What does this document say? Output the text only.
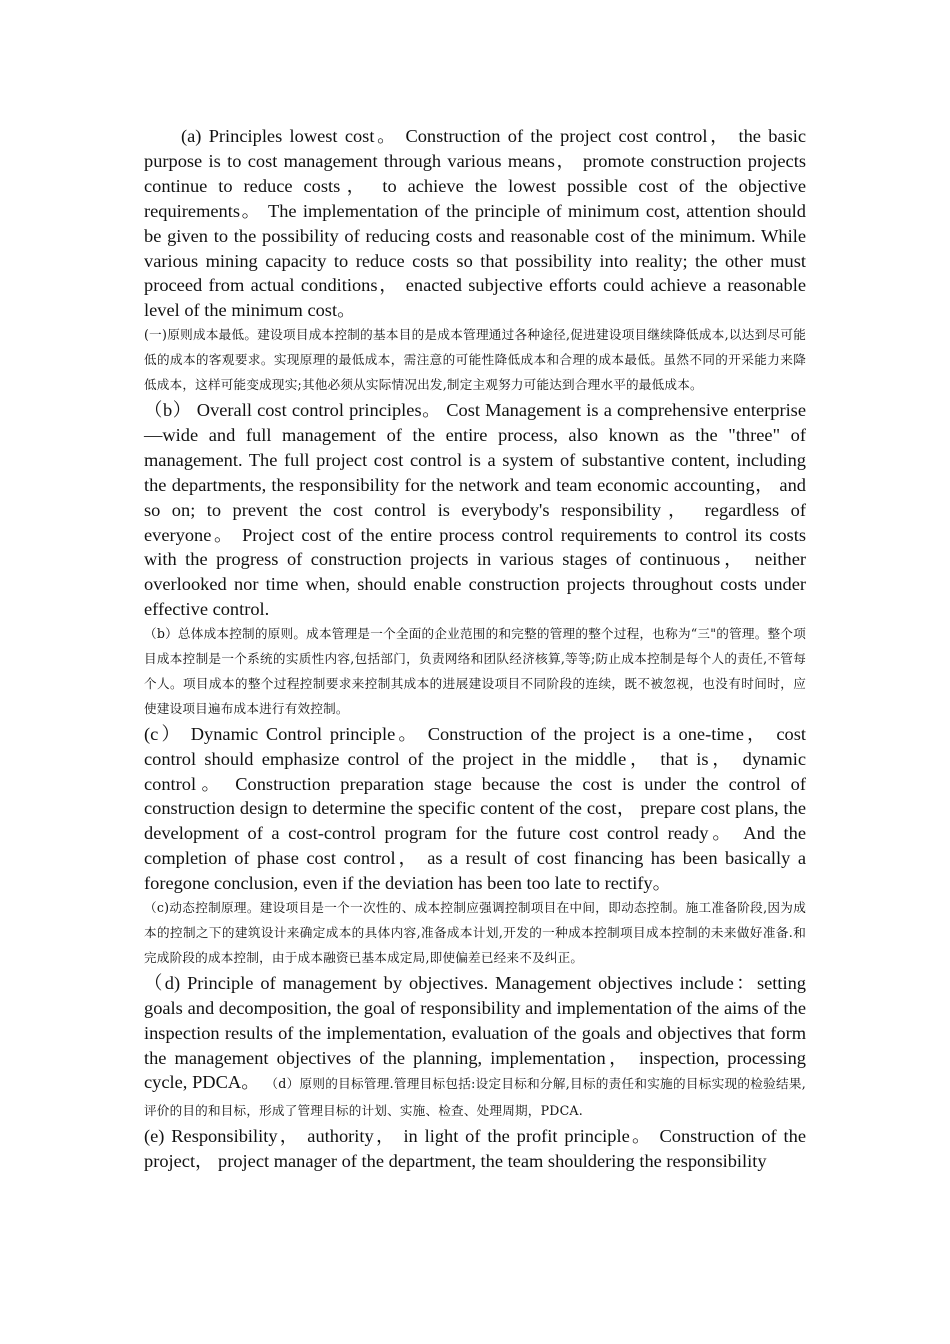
(a) Principles lowest cost。 Construction of the project cost control， the basic purpose is to cost management through various means， promote construction projects continue to reduce costs， to achieve the lowest possible cost of the objective requirements。 The implementation of the principle of minimum cost, attention should be given to the possibility of reducing costs and reasonable cost of the minimum. While various mining capacity to reduce costs so that possibility into reality; the other must proceed from actual conditions， enacted subjective efforts could achieve a reasonable level of the minimum cost。

(一)原则成本最低。建设项目成本控制的基本目的是成本管理通过各种途径,促进建设项目继续降低成本,以达到尽可能低的成本的客观要求。实现原理的最低成本，需注意的可能性降低成本和合理的成本最低。虽然不同的开采能力来降低成本，这样可能变成现实;其他必须从实际情况出发,制定主观努力可能达到合理水平的最低成本。

（b） Overall cost control principles。 Cost Management is a comprehensive enterprise—wide and full management of the entire process, also known as the "three" of management. The full project cost control is a system of substantive content, including the departments, the responsibility for the network and team economic accounting， and so on; to prevent the cost control is everybody's responsibility， regardless of everyone。 Project cost of the entire process control requirements to control its costs with the progress of construction projects in various stages of continuous， neither overlooked nor time when, should enable construction projects throughout costs under effective control.

（b）总体成本控制的原则。成本管理是一个全面的企业范围的和完整的管理的整个过程，也称为“三"的管理。整个项目成本控制是一个系统的实质性内容,包括部门，负责网络和团队经济核算,等等;防止成本控制是每个人的责任,不管每个人。项目成本的整个过程控制要求来控制其成本的进展建设项目不同阶段的连续，既不被忽视，也没有时间时，应使建设项目遍布成本进行有效控制。

(c） Dynamic Control principle。 Construction of the project is a one-time， cost control should emphasize control of the project in the middle， that is， dynamic control。 Construction preparation stage because the cost is under the control of construction design to determine the specific content of the cost， prepare cost plans, the development of a cost-control program for the future cost control ready。 And the completion of phase cost control， as a result of cost financing has been basically a foregone conclusion, even if the deviation has been too late to rectify。

（c)动态控制原理。建设项目是一个一次性的、成本控制应强调控制项目在中间，即动态控制。施工准备阶段,因为成本的控制之下的建筑设计来确定成本的具体内容,准备成本计划,开发的一种成本控制项目成本控制的未来做好准备.和完成阶段的成本控制，由于成本融资已基本成定局,即使偏差已经来不及纠正。

（d) Principle of management by objectives. Management objectives include：setting goals and decomposition, the goal of responsibility and implementation of the aims of the inspection results of the implementation, evaluation of the goals and objectives that form the management objectives of the planning, implementation， inspection, processing cycle, PDCA。 （d）原则的目标管理.管理目标包括:设定目标和分解,目标的责任和实施的目标实现的检验结果,评价的目的和目标，形成了管理目标的计划、实施、检查、处理周期，PDCA.

(e) Responsibility， authority， in light of the profit principle。 Construction of the project， project manager of the department, the team shouldering the responsibility
